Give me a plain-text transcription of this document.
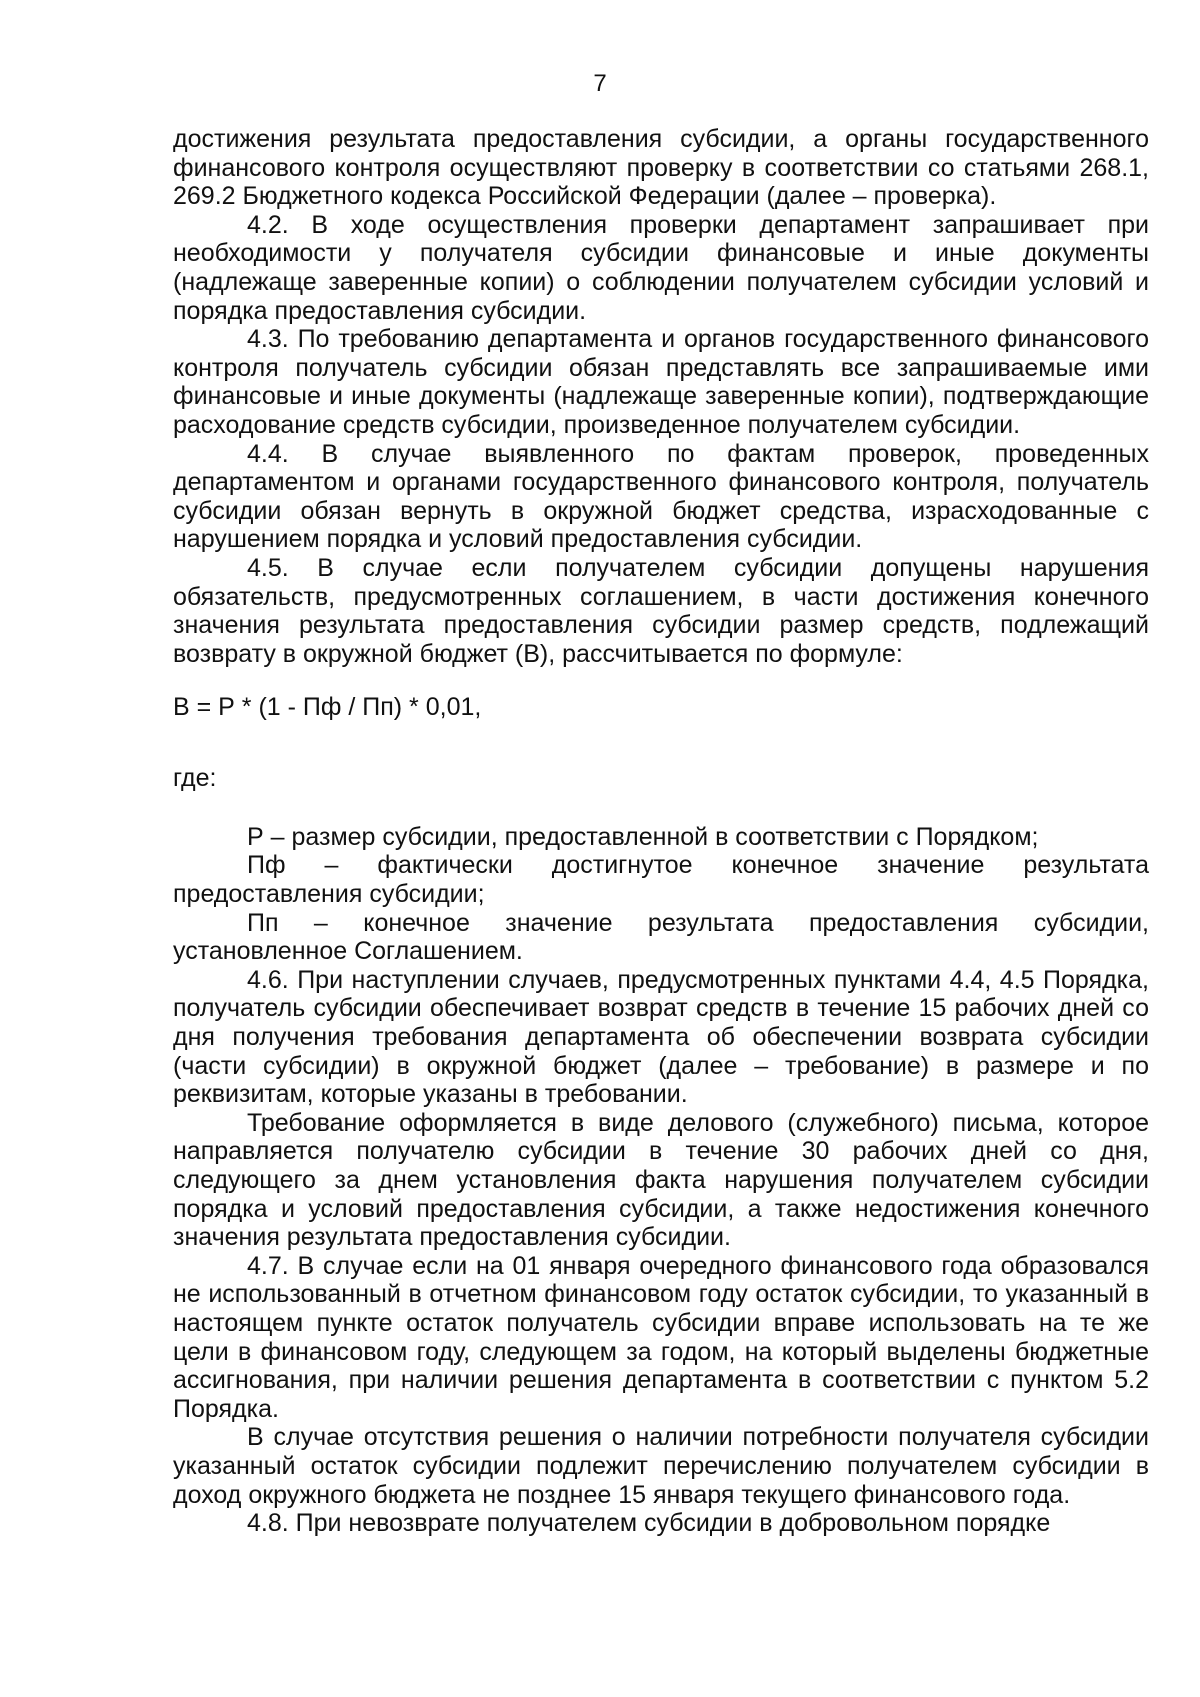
7

достижения результата предоставления субсидии, а органы государственного финансового контроля осуществляют проверку в соответствии со статьями 268.1, 269.2 Бюджетного кодекса Российской Федерации (далее – проверка).

4.2. В ходе осуществления проверки департамент запрашивает при необходимости у получателя субсидии финансовые и иные документы (надлежаще заверенные копии) о соблюдении получателем субсидии условий и порядка предоставления субсидии.

4.3. По требованию департамента и органов государственного финансового контроля получатель субсидии обязан представлять все запрашиваемые ими финансовые и иные документы (надлежаще заверенные копии), подтверждающие расходование средств субсидии, произведенное получателем субсидии.

4.4. В случае выявленного по фактам проверок, проведенных департаментом и органами государственного финансового контроля, получатель субсидии обязан вернуть в окружной бюджет средства, израсходованные с нарушением порядка и условий предоставления субсидии.

4.5. В случае если получателем субсидии допущены нарушения обязательств, предусмотренных соглашением, в части достижения конечного значения результата предоставления субсидии размер средств, подлежащий возврату в окружной бюджет (В), рассчитывается по формуле:

В = Р * (1 - Пф / Пп) * 0,01,

где:

Р – размер субсидии, предоставленной в соответствии с Порядком;

Пф – фактически достигнутое конечное значение результата предоставления субсидии;

Пп – конечное значение результата предоставления субсидии, установленное Соглашением.

4.6. При наступлении случаев, предусмотренных пунктами 4.4, 4.5 Порядка, получатель субсидии обеспечивает возврат средств в течение 15 рабочих дней со дня получения требования департамента об обеспечении возврата субсидии (части субсидии) в окружной бюджет (далее – требование) в размере и по реквизитам, которые указаны в требовании.

Требование оформляется в виде делового (служебного) письма, которое направляется получателю субсидии в течение 30 рабочих дней со дня, следующего за днем установления факта нарушения получателем субсидии порядка и условий предоставления субсидии, а также недостижения конечного значения результата предоставления субсидии.

4.7. В случае если на 01 января очередного финансового года образовался не использованный в отчетном финансовом году остаток субсидии, то указанный в настоящем пункте остаток получатель субсидии вправе использовать на те же цели в финансовом году, следующем за годом, на который выделены бюджетные ассигнования, при наличии решения департамента в соответствии с пунктом 5.2 Порядка.

В случае отсутствия решения о наличии потребности получателя субсидии указанный остаток субсидии подлежит перечислению получателем субсидии в доход окружного бюджета не позднее 15 января текущего финансового года.

4.8. При невозврате получателем субсидии в добровольном порядке
